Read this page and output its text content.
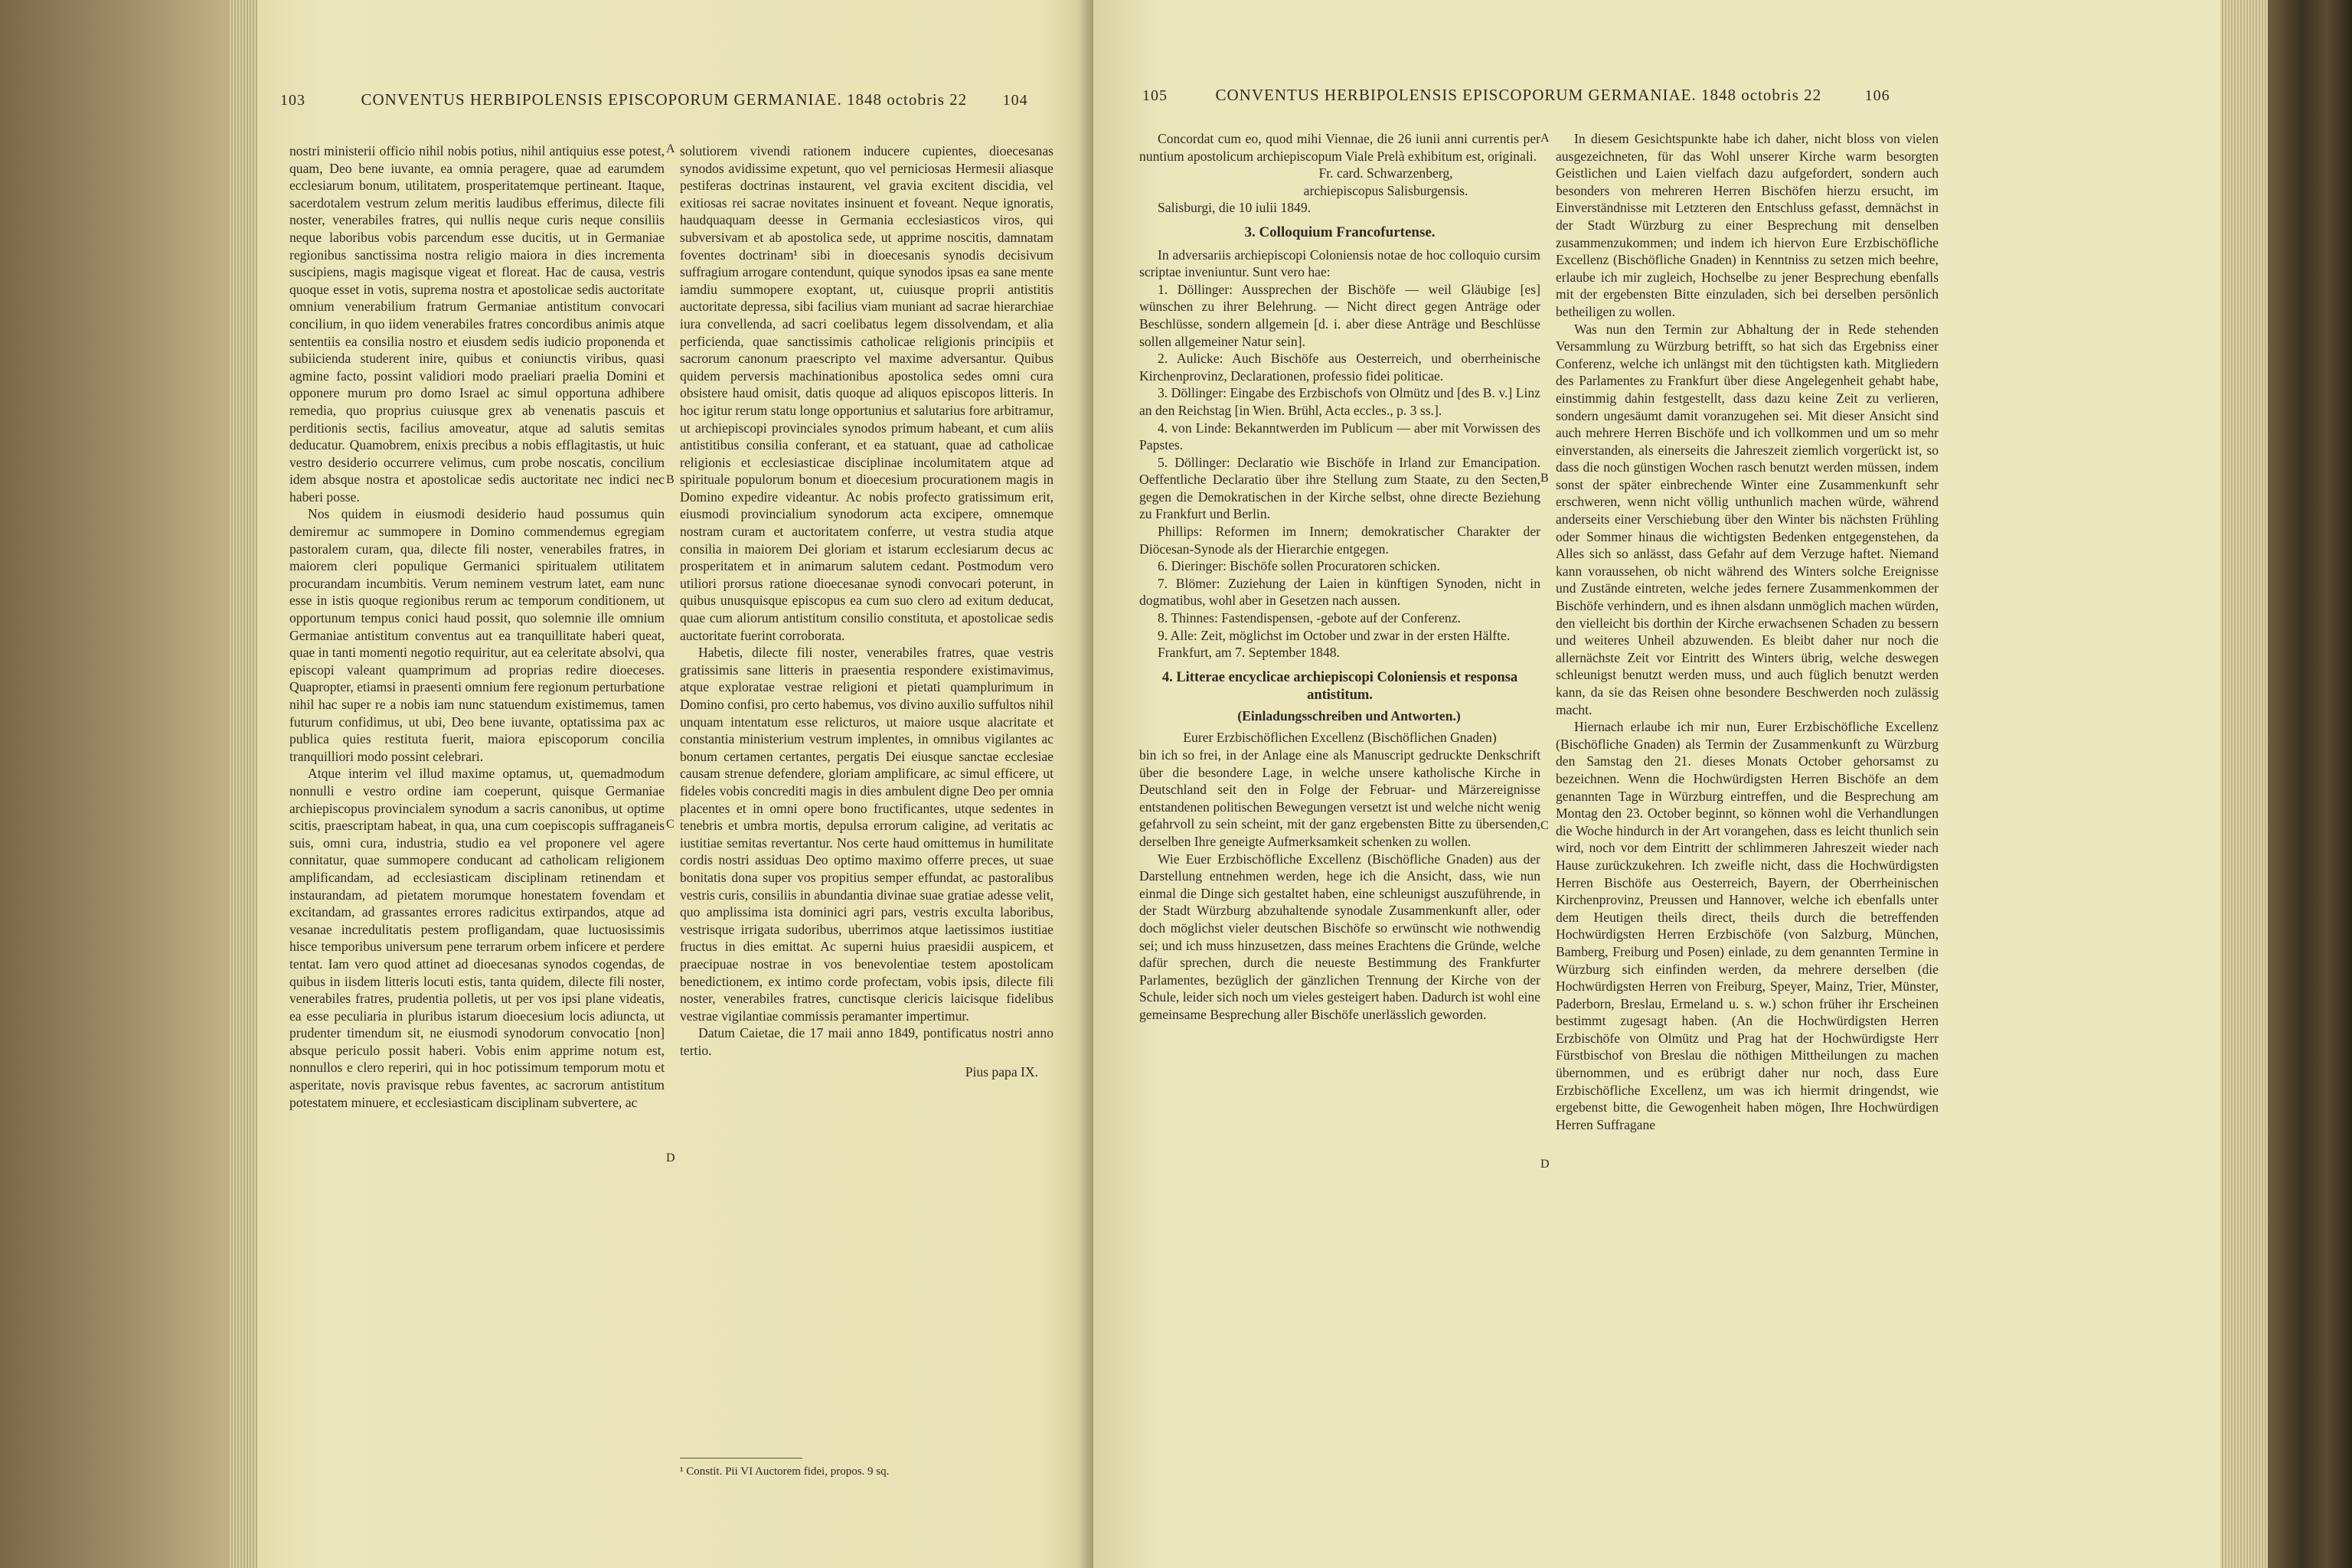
103	CONVENTUS HERBIPOLENSIS EPISCOPORUM GERMANIAE. 1848 octobris 22 104

nostri ministerii officio nihil nobis potius, nihil antiquius esse potest, quam, Deo bene iuvante, ea omnia peragere, quae ad earumdem ecclesiarum bonum, utilitatem, prosperitatemque pertineant. Itaque, sacerdotalem vestrum zelum meritis laudibus efferimus, dilecte fili noster, venerabiles fratres, qui nullis neque curis neque consiliis neque laboribus vobis parcendum esse ducitis, ut in Germaniae regionibus sanctissima nostra religio maiora in dies incrementa suscipiens, magis magisque vigeat et floreat. Hac de causa, vestris quoque esset in votis, suprema nostra et apostolicae sedis auctoritate omnium venerabilium fratrum Germaniae antistitum convocari concilium, in quo iidem venerabiles fratres concordibus animis atque sententiis ea consilia nostro et eiusdem sedis iudicio proponenda et subiicienda studerent inire, quibus et coniunctis viribus, quasi agmine facto, possint validiori modo praeliari praelia Domini et opponere murum pro domo Israel ac simul opportuna adhibere remedia, quo proprius cuiusque grex ab venenatis pascuis et perditionis sectis, facilius amoveatur, atque ad salutis semitas deducatur. Quamobrem, enixis precibus a nobis efflagitastis, ut huic vestro desiderio occurrere velimus, cum probe noscatis, concilium idem absque nostra et apostolicae sedis auctoritate nec indici nec haberi posse.

Nos quidem in eiusmodi desiderio haud possumus quin demiremur ac summopere in Domino commendemus egregiam pastoralem curam, qua, dilecte fili noster, venerabiles fratres, in maiorem cleri populique Germanici spiritualem utilitatem procurandam incumbitis. Verum neminem vestrum latet, eam nunc esse in istis quoque regionibus rerum ac temporum conditionem, ut opportunum tempus conici haud possit, quo solemnie ille omnium Germaniae antistitum conventus aut ea tranquillitate haberi queat, quae in tanti momenti negotio requiritur, aut ea celeritate absolvi, qua episcopi valeant quamprimum ad proprias redire dioeceses. Quapropter, etiamsi in praesenti omnium fere regionum perturbatione nihil hac super re a nobis iam nunc statuendum existimemus, tamen futurum confidimus, ut ubi, Deo bene iuvante, optatissima pax ac publica quies restituta fuerit, maiora episcoporum concilia tranquilliori modo possint celebrari.

Atque interim vel illud maxime optamus, ut, quemadmodum nonnulli e vestro ordine iam coeperunt, quisque Germaniae archiepiscopus provincialem synodum a sacris canonibus, ut optime scitis, praescriptam habeat, in qua, una cum coepiscopis suffraganeis suis, omni cura, industria, studio ea vel proponere vel agere connitatur, quae summopere conducant ad catholicam religionem amplificandam, ad ecclesiasticam disciplinam retinendam et instaurandam, ad pietatem morumque honestatem fovendam et excitandam, ad grassantes errores radicitus extirpandos, atque ad vesanae incredulitatis pestem profligandam, quae luctuosissimis hisce temporibus universum pene terrarum orbem inficere et perdere tentat. Iam vero quod attinet ad dioecesanas synodos cogendas, de quibus in iisdem litteris locuti estis, tanta quidem, dilecte fili noster, venerabiles fratres, prudentia polletis, ut per vos ipsi plane videatis, ea esse peculiaria in pluribus istarum dioecesium locis adiuncta, ut prudenter timendum sit, ne eiusmodi synodorum convocatio [non] absque periculo possit haberi. Vobis enim apprime notum est, nonnullos e clero reperiri, qui in hoc potissimum temporum motu et asperitate, novis pravisque rebus faventes, ac sacrorum antistitum potestatem minuere, et ecclesiasticam disciplinam subvertere, ac

A
B
C
D

solutiorem vivendi rationem inducere cupientes, dioecesanas synodos avidissime expetunt, quo vel perniciosas Hermesii aliasque pestiferas doctrinas instaurent, vel gravia excitent discidia, vel exitiosas rei sacrae novitates insinuent et foveant. Neque ignoratis, haudquaquam deesse in Germania ecclesiasticos viros, qui subversivam et ab apostolica sede, ut apprime noscitis, damnatam foventes doctrinam¹ sibi in dioecesanis synodis decisivum suffragium arrogare contendunt, quique synodos ipsas ea sane mente iamdiu summopere exoptant, ut, cuiusque proprii antistitis auctoritate depressa, sibi facilius viam muniant ad sacrae hierarchiae iura convellenda, ad sacri coelibatus legem dissolvendam, et alia perficienda, quae sanctissimis catholicae religionis principiis et sacrorum canonum praescripto vel maxime adversantur. Quibus quidem perversis machinationibus apostolica sedes omni cura obsistere haud omisit, datis quoque ad aliquos episcopos litteris. In hoc igitur rerum statu longe opportunius et salutarius fore arbitramur, ut archiepiscopi provinciales synodos primum habeant, et cum aliis antistitibus consilia conferant, et ea statuant, quae ad catholicae religionis et ecclesiasticae disciplinae incolumitatem atque ad spirituale populorum bonum et dioecesium procurationem magis in Domino expedire videantur. Ac nobis profecto gratissimum erit, eiusmodi provincialium synodorum acta excipere, omnemque nostram curam et auctoritatem conferre, ut vestra studia atque consilia in maiorem Dei gloriam et istarum ecclesiarum decus ac prosperitatem et in animarum salutem cedant. Postmodum vero utiliori prorsus ratione dioecesanae synodi convocari poterunt, in quibus unusquisque episcopus ea cum suo clero ad exitum deducat, quae cum aliorum antistitum consilio constituta, et apostolicae sedis auctoritate fuerint corroborata.

Habetis, dilecte fili noster, venerabiles fratres, quae vestris gratissimis sane litteris in praesentia respondere existimavimus, atque exploratae vestrae religioni et pietati quamplurimum in Domino confisi, pro certo habemus, vos divino auxilio suffultos nihil unquam intentatum esse relicturos, ut maiore usque alacritate et constantia ministerium vestrum implentes, in omnibus vigilantes ac bonum certamen certantes, pergatis Dei eiusque sanctae ecclesiae causam strenue defendere, gloriam amplificare, ac simul efficere, ut fideles vobis concrediti magis in dies ambulent digne Deo per omnia placentes et in omni opere bono fructificantes, utque sedentes in tenebris et umbra mortis, depulsa errorum caligine, ad veritatis ac iustitiae semitas revertantur. Nos certe haud omittemus in humilitate cordis nostri assiduas Deo optimo maximo offerre preces, ut suae bonitatis dona super vos propitius semper effundat, ac pastoralibus vestris curis, consiliis in abundantia divinae suae gratiae adesse velit, quo amplissima ista dominici agri pars, vestris exculta laboribus, vestrisque irrigata sudoribus, uberrimos atque laetissimos iustitiae fructus in dies emittat. Ac superni huius praesidii auspicem, et praecipuae nostrae in vos benevolentiae testem apostolicam benedictionem, ex intimo corde profectam, vobis ipsis, dilecte fili noster, venerabiles fratres, cunctisque clericis laicisque fidelibus vestrae vigilantiae commissis peramanter impertimur.

Datum Caietae, die 17 maii anno 1849, pontificatus nostri anno tertio.

Pius papa IX.

¹ Constit. Pii VI Auctorem fidei, propos. 9 sq.
105	CONVENTUS HERBIPOLENSIS EPISCOPORUM GERMANIAE. 1848 octobris 22	106

Concordat cum eo, quod mihi Viennae, die 26 iunii anni currentis per nuntium apostolicum archiepiscopum Viale Prelà exhibitum est, originali.

Fr. card. Schwarzenberg,

archiepiscopus Salisburgensis.

Salisburgi, die 10 iulii 1849.

3. Colloquium Francofurtense.

In adversariis archiepiscopi Coloniensis notae de hoc colloquio cursim scriptae inveniuntur. Sunt vero hae:

1. Döllinger: Aussprechen der Bischöfe — weil Gläubige [es] wünschen zu ihrer Belehrung. — Nicht direct gegen Anträge oder Beschlüsse, sondern allgemein [d. i. aber diese Anträge und Beschlüsse sollen allgemeiner Natur sein].

2. Aulicke: Auch Bischöfe aus Oesterreich, und oberrheinische Kirchenprovinz, Declarationen, professio fidei politicae.

3. Döllinger: Eingabe des Erzbischofs von Olmütz und [des B. v.] Linz an den Reichstag [in Wien. Brühl, Acta eccles., p. 3 ss.].

4. von Linde: Bekanntwerden im Publicum — aber mit Vorwissen des Papstes.

5. Döllinger: Declaratio wie Bischöfe in Irland zur Emancipation. Oeffentliche Declaratio über ihre Stellung zum Staate, zu den Secten, gegen die Demokratischen in der Kirche selbst, ohne directe Beziehung zu Frankfurt und Berlin.

Phillips: Reformen im Innern; demokratischer Charakter der Diöcesan-Synode als der Hierarchie entgegen.

6. Dieringer: Bischöfe sollen Procuratoren schicken.

7. Blömer: Zuziehung der Laien in künftigen Synoden, nicht in dogmatibus, wohl aber in Gesetzen nach aussen.

8. Thinnes: Fastendispensen, -gebote auf der Conferenz.

9. Alle: Zeit, möglichst im October und zwar in der ersten Hälfte.

Frankfurt, am 7. September 1848.

4. Litterae encyclicae archiepiscopi Coloniensis et responsa antistitum.

(Einladungsschreiben und Antworten.)

Eurer Erzbischöflichen Excellenz (Bischöflichen Gnaden)

bin ich so frei, in der Anlage eine als Manuscript gedruckte Denkschrift über die besondere Lage, in welche unsere katholische Kirche in Deutschland seit den in Folge der Februar- und Märzereignisse entstandenen politischen Bewegungen versetzt ist und welche nicht wenig gefahrvoll zu sein scheint, mit der ganz ergebensten Bitte zu übersenden, derselben Ihre geneigte Aufmerksamkeit schenken zu wollen.

Wie Euer Erzbischöfliche Excellenz (Bischöfliche Gnaden) aus der Darstellung entnehmen werden, hege ich die Ansicht, dass, wie nun einmal die Dinge sich gestaltet haben, eine schleunigst auszuführende, in der Stadt Würzburg abzuhaltende synodale Zusammenkunft aller, oder doch möglichst vieler deutschen Bischöfe so erwünscht wie nothwendig sei; und ich muss hinzusetzen, dass meines Erachtens die Gründe, welche dafür sprechen, durch die neueste Bestimmung des Frankfurter Parlamentes, bezüglich der gänzlichen Trennung der Kirche von der Schule, leider sich noch um vieles gesteigert haben. Dadurch ist wohl eine gemeinsame Besprechung aller Bischöfe unerlässlich geworden.

A
B
C
D

In diesem Gesichtspunkte habe ich daher, nicht bloss von vielen ausgezeichneten, für das Wohl unserer Kirche warm besorgten Geistlichen und Laien vielfach dazu aufgefordert, sondern auch besonders von mehreren Herren Bischöfen hierzu ersucht, im Einverständnisse mit Letzteren den Entschluss gefasst, demnächst in der Stadt Würzburg zu einer Besprechung mit denselben zusammenzukommen; und indem ich hiervon Eure Erzbischöfliche Excellenz (Bischöfliche Gnaden) in Kenntniss zu setzen mich beehre, erlaube ich mir zugleich, Hochselbe zu jener Besprechung ebenfalls mit der ergebensten Bitte einzuladen, sich bei derselben persönlich betheiligen zu wollen.

Was nun den Termin zur Abhaltung der in Rede stehenden Versammlung zu Würzburg betrifft, so hat sich das Ergebniss einer Conferenz, welche ich unlängst mit den tüchtigsten kath. Mitgliedern des Parlamentes zu Frankfurt über diese Angelegenheit gehabt habe, einstimmig dahin festgestellt, dass dazu keine Zeit zu verlieren, sondern ungesäumt damit voranzugehen sei. Mit dieser Ansicht sind auch mehrere Herren Bischöfe und ich vollkommen und um so mehr einverstanden, als einerseits die Jahreszeit ziemlich vorgerückt ist, so dass die noch günstigen Wochen rasch benutzt werden müssen, indem sonst der später einbrechende Winter eine Zusammenkunft sehr erschweren, wenn nicht völlig unthunlich machen würde, während anderseits einer Verschiebung über den Winter bis nächsten Frühling oder Sommer hinaus die wichtigsten Bedenken entgegenstehen, da Alles sich so anlässt, dass Gefahr auf dem Verzuge haftet. Niemand kann voraussehen, ob nicht während des Winters solche Ereignisse und Zustände eintreten, welche jedes fernere Zusammenkommen der Bischöfe verhindern, und es ihnen alsdann unmöglich machen würden, den vielleicht bis dorthin der Kirche erwachsenen Schaden zu bessern und weiteres Unheil abzuwenden. Es bleibt daher nur noch die allernächste Zeit vor Eintritt des Winters übrig, welche deswegen schleunigst benutzt werden muss, und auch füglich benutzt werden kann, da sie das Reisen ohne besondere Beschwerden noch zulässig macht.

Hiernach erlaube ich mir nun, Eurer Erzbischöfliche Excellenz (Bischöfliche Gnaden) als Termin der Zusammenkunft zu Würzburg den Samstag den 21. dieses Monats October gehorsamst zu bezeichnen. Wenn die Hochwürdigsten Herren Bischöfe an dem genannten Tage in Würzburg eintreffen, und die Besprechung am Montag den 23. October beginnt, so können wohl die Verhandlungen die Woche hindurch in der Art vorangehen, dass es leicht thunlich sein wird, noch vor dem Eintritt der schlimmeren Jahreszeit wieder nach Hause zurückzukehren. Ich zweifle nicht, dass die Hochwürdigsten Herren Bischöfe aus Oesterreich, Bayern, der Oberrheinischen Kirchenprovinz, Preussen und Hannover, welche ich ebenfalls unter dem Heutigen theils direct, theils durch die betreffenden Hochwürdigsten Herren Erzbischöfe (von Salzburg, München, Bamberg, Freiburg und Posen) einlade, zu dem genannten Termine in Würzburg sich einfinden werden, da mehrere derselben (die Hochwürdigsten Herren von Freiburg, Speyer, Mainz, Trier, Münster, Paderborn, Breslau, Ermeland u. s. w.) schon früher ihr Erscheinen bestimmt zugesagt haben. (An die Hochwürdigsten Herren Erzbischöfe von Olmütz und Prag hat der Hochwürdigste Herr Fürstbischof von Breslau die nöthigen Mittheilungen zu machen übernommen, und es erübrigt daher nur noch, dass Eure Erzbischöfliche Excellenz, um was ich hiermit dringendst, wie ergebenst bitte, die Gewogenheit haben mögen, Ihre Hochwürdigen Herren Suffragane
